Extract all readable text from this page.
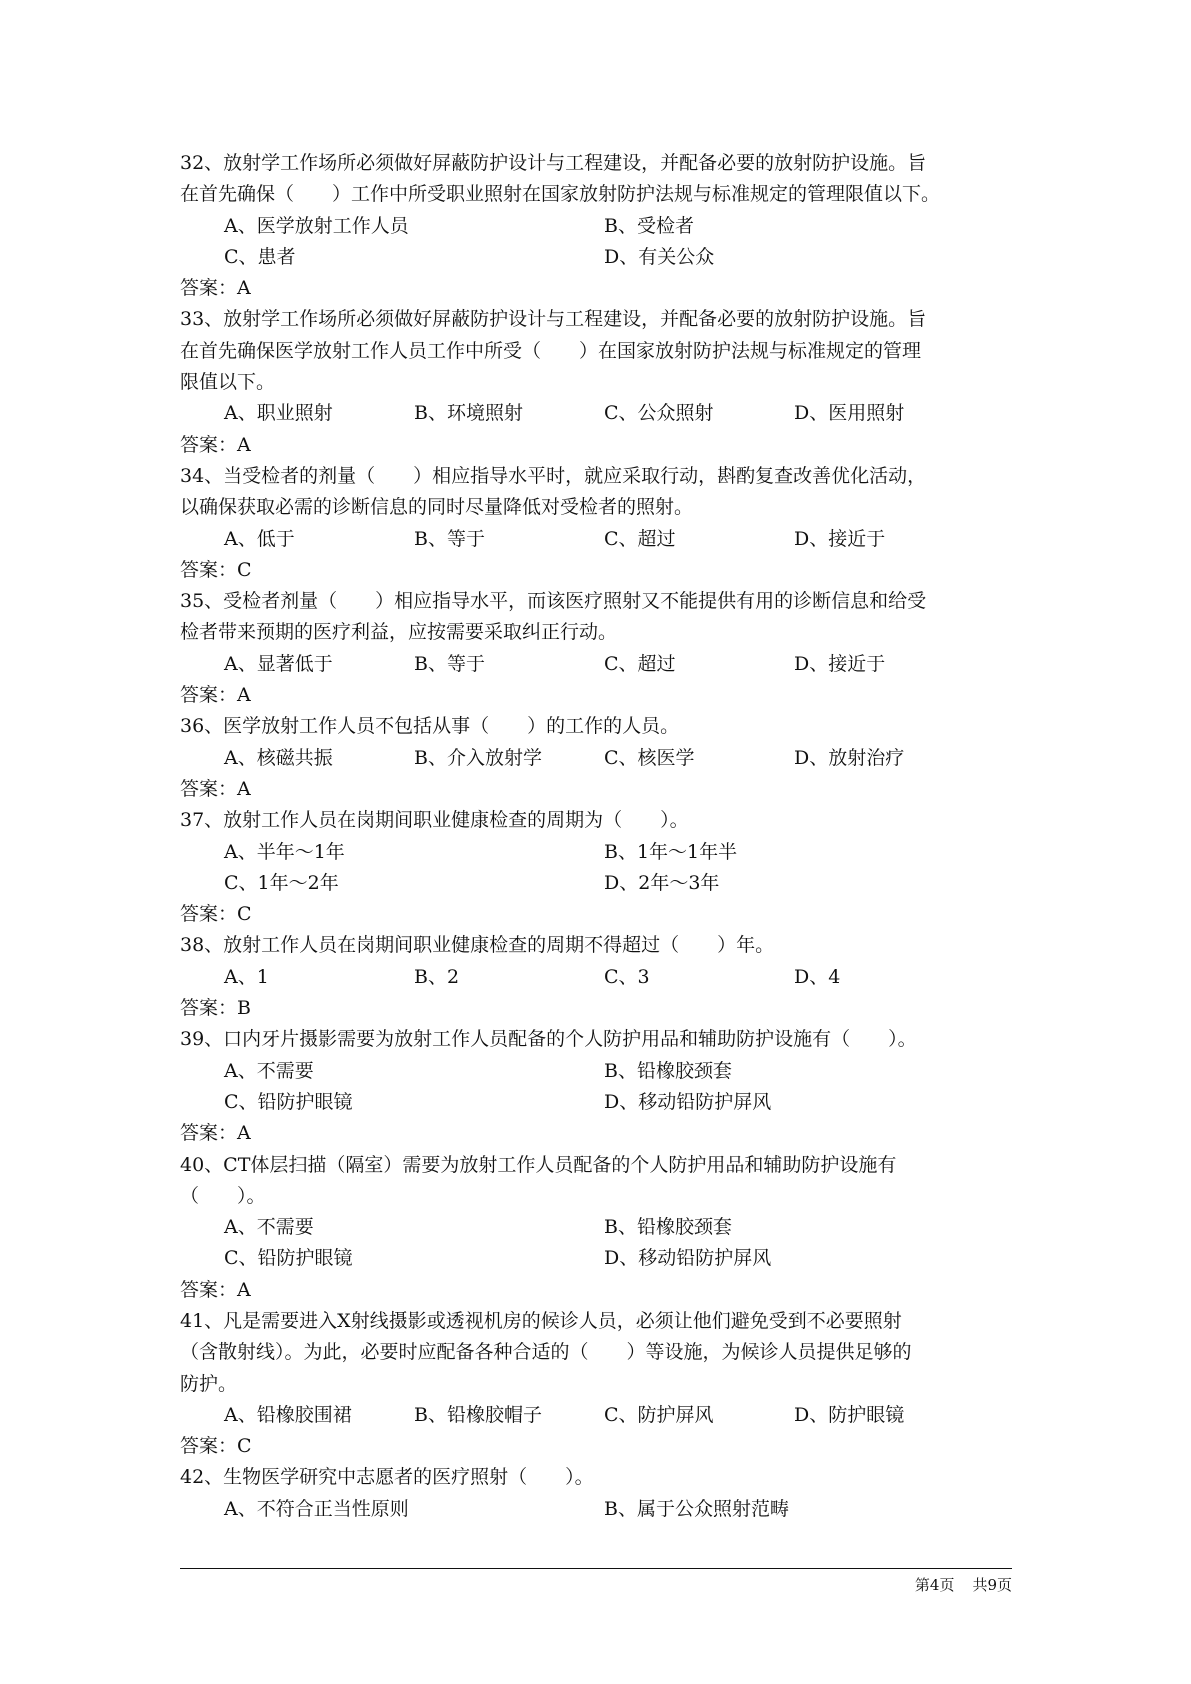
32、放射学工作场所必须做好屏蔽防护设计与工程建设，并配备必要的放射防护设施。旨
在首先确保（　　）工作中所受职业照射在国家放射防护法规与标准规定的管理限值以下。
A、医学放射工作人员	B、受检者
C、患者	D、有关公众
答案：A
33、放射学工作场所必须做好屏蔽防护设计与工程建设，并配备必要的放射防护设施。旨
在首先确保医学放射工作人员工作中所受（　　）在国家放射防护法规与标准规定的管理
限值以下。
A、职业照射	B、环境照射	C、公众照射	D、医用照射
答案：A
34、当受检者的剂量（　　）相应指导水平时，就应采取行动，斟酌复查改善优化活动，
以确保获取必需的诊断信息的同时尽量降低对受检者的照射。
A、低于	B、等于	C、超过	D、接近于
答案：C
35、受检者剂量（　　）相应指导水平，而该医疗照射又不能提供有用的诊断信息和给受
检者带来预期的医疗利益，应按需要采取纠正行动。
A、显著低于	B、等于	C、超过	D、接近于
答案：A
36、医学放射工作人员不包括从事（　　）的工作的人员。
A、核磁共振	B、介入放射学	C、核医学	D、放射治疗
答案：A
37、放射工作人员在岗期间职业健康检查的周期为（　　）。
A、半年～1年	B、1年～1年半
C、1年～2年	D、2年～3年
答案：C
38、放射工作人员在岗期间职业健康检查的周期不得超过（　　）年。
A、1	B、2	C、3	D、4
答案：B
39、口内牙片摄影需要为放射工作人员配备的个人防护用品和辅助防护设施有（　　）。
A、不需要	B、铅橡胶颈套
C、铅防护眼镜	D、移动铅防护屏风
答案：A
40、CT体层扫描（隔室）需要为放射工作人员配备的个人防护用品和辅助防护设施有
（　　）。
A、不需要	B、铅橡胶颈套
C、铅防护眼镜	D、移动铅防护屏风
答案：A
41、凡是需要进入X射线摄影或透视机房的候诊人员，必须让他们避免受到不必要照射
（含散射线）。为此，必要时应配备各种合适的（　　）等设施，为候诊人员提供足够的
防护。
A、铅橡胶围裙	B、铅橡胶帽子	C、防护屏风	D、防护眼镜
答案：C
42、生物医学研究中志愿者的医疗照射（　　）。
A、不符合正当性原则	B、属于公众照射范畴
第4页 共9页
